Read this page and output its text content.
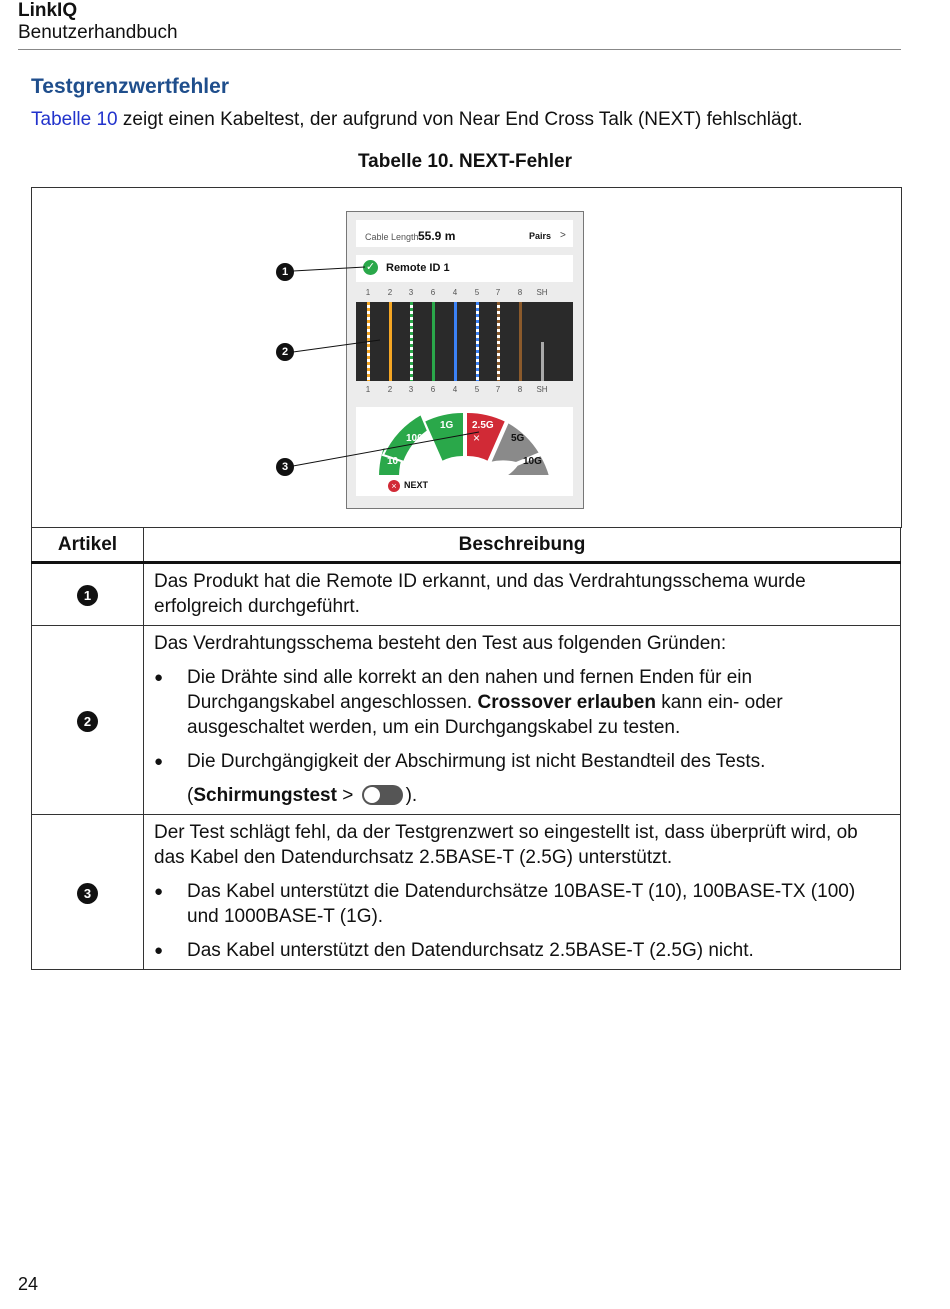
LinkIQ
Benutzerhandbuch
Testgrenzwertfehler
Tabelle 10 zeigt einen Kabeltest, der aufgrund von Near End Cross Talk (NEXT) fehlschlägt.
Tabelle 10. NEXT-Fehler
Cable Length:
55.9 m	Pairs >
✓ Remote ID 1
1	2	3	6	4	5	7	8	SH
1	2	3	6	4	5	7	8	SH
10
100
1G 2.5G
×	5G
10G
× NEXT
1
2
3
Artikel	Beschreibung
1	Das Produkt hat die Remote ID erkannt, und das Verdrahtungsschema wurde erfolgreich durchgeführt.

2	Das Verdrahtungsschema besteht den Test aus folgenden Gründen:
● Die Drähte sind alle korrekt an den nahen und fernen Enden für ein Durchgangskabel angeschlossen. Crossover erlauben kann ein- oder ausgeschaltet werden, um ein Durchgangskabel zu testen.
● Die Durchgängigkeit der Abschirmung ist nicht Bestandteil des Tests.
(Schirmungstest > ).

3	Der Test schlägt fehl, da der Testgrenzwert so eingestellt ist, dass überprüft wird, ob das Kabel den Datendurchsatz 2.5BASE-T (2.5G) unterstützt.
● Das Kabel unterstützt die Datendurchsätze 10BASE-T (10), 100BASE-TX (100) und 1000BASE-T (1G).
● Das Kabel unterstützt den Datendurchsatz 2.5BASE-T (2.5G) nicht.
24
